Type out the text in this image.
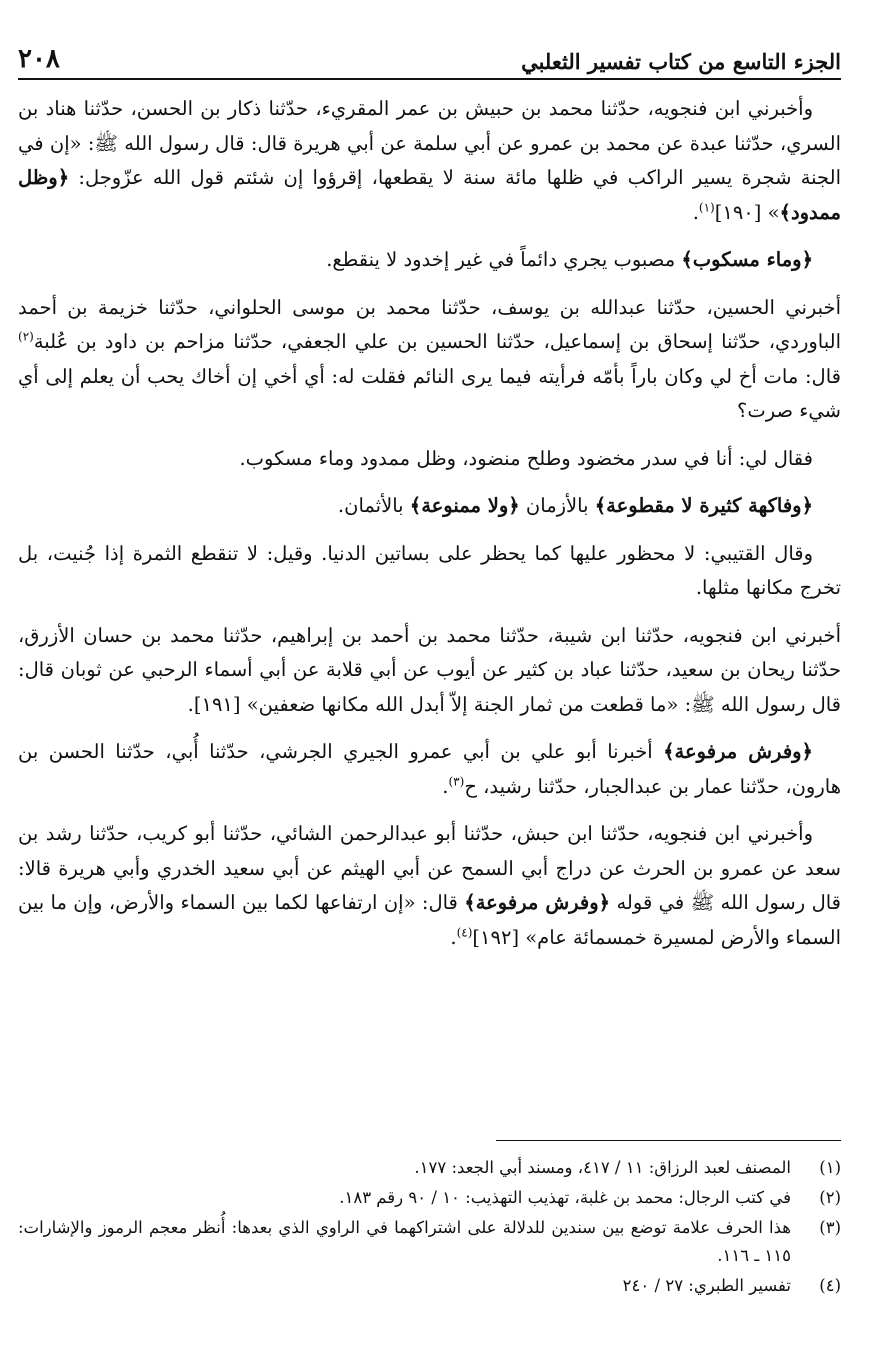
الجزء التاسع من كتاب تفسير الثعلبي
٢٠٨

وأخبرني ابن فنجويه، حدّثنا محمد بن حبيش بن عمر المقريء، حدّثنا ذكار بن الحسن، حدّثنا هناد بن السري، حدّثنا عبدة عن محمد بن عمرو عن أبي سلمة عن أبي هريرة قال: قال رسول الله ﷺ: «إن في الجنة شجرة يسير الراكب في ظلها مائة سنة لا يقطعها، إقرؤوا إن شئتم قول الله عزّوجل: ﴿وظل ممدود﴾» [١٩٠]$^{(١)}$.

﴿وماء مسكوب﴾ مصبوب يجري دائماً في غير إخدود لا ينقطع.

أخبرني الحسين، حدّثنا عبدالله بن يوسف، حدّثنا محمد بن موسى الحلواني، حدّثنا خزيمة بن أحمد الباوردي، حدّثنا إسحاق بن إسماعيل، حدّثنا الحسين بن علي الجعفي، حدّثنا مزاحم بن داود بن عُلبة$^{(٢)}$ قال: مات أخ لي وكان باراً بأمّه فرأيته فيما يرى النائم فقلت له: أي أخي إن أخاك يحب أن يعلم إلى أي شيء صرت؟

فقال لي: أنا في سدر مخضود وطلح منضود، وظل ممدود وماء مسكوب.

﴿وفاكهة كثيرة لا مقطوعة﴾ بالأزمان ﴿ولا ممنوعة﴾ بالأثمان.

وقال القتيبي: لا محظور عليها كما يحظر على بساتين الدنيا. وقيل: لا تنقطع الثمرة إذا جُنيت، بل تخرج مكانها مثلها.

أخبرني ابن فنجويه، حدّثنا ابن شيبة، حدّثنا محمد بن أحمد بن إبراهيم، حدّثنا محمد بن حسان الأزرق، حدّثنا ريحان بن سعيد، حدّثنا عباد بن كثير عن أيوب عن أبي قلابة عن أبي أسماء الرحبي عن ثوبان قال: قال رسول الله ﷺ: «ما قطعت من ثمار الجنة إلاّ أبدل الله مكانها ضعفين» [١٩١].

﴿وفرش مرفوعة﴾ أخبرنا أبو علي بن أبي عمرو الجيري الجرشي، حدّثنا أُبي، حدّثنا الحسن بن هارون، حدّثنا عمار بن عبدالجبار، حدّثنا رشيد، ح$^{(٣)}$.

وأخبرني ابن فنجويه، حدّثنا ابن حبش، حدّثنا أبو عبدالرحمن الشائي، حدّثنا أبو كريب، حدّثنا رشد بن سعد عن عمرو بن الحرث عن دراج أبي السمح عن أبي الهيثم عن أبي سعيد الخدري وأبي هريرة قالا: قال رسول الله ﷺ في قوله ﴿وفرش مرفوعة﴾ قال: «إن ارتفاعها لكما بين السماء والأرض، وإن ما بين السماء والأرض لمسيرة خمسمائة عام» [١٩٢]$^{(٤)}$.

(١)
المصنف لعبد الرزاق: ١١ / ٤١٧، ومسند أبي الجعد: ١٧٧.
(٢)
في كتب الرجال: محمد بن غلبة، تهذيب التهذيب: ١٠ / ٩٠ رقم ١٨٣.
(٣)
هذا الحرف علامة توضع بين سندين للدلالة على اشتراكهما في الراوي الذي بعدها: أُنظر معجم الرموز والإشارات: ١١٥ ـ ١١٦.
(٤)
تفسير الطبري: ٢٧ / ٢٤٠
